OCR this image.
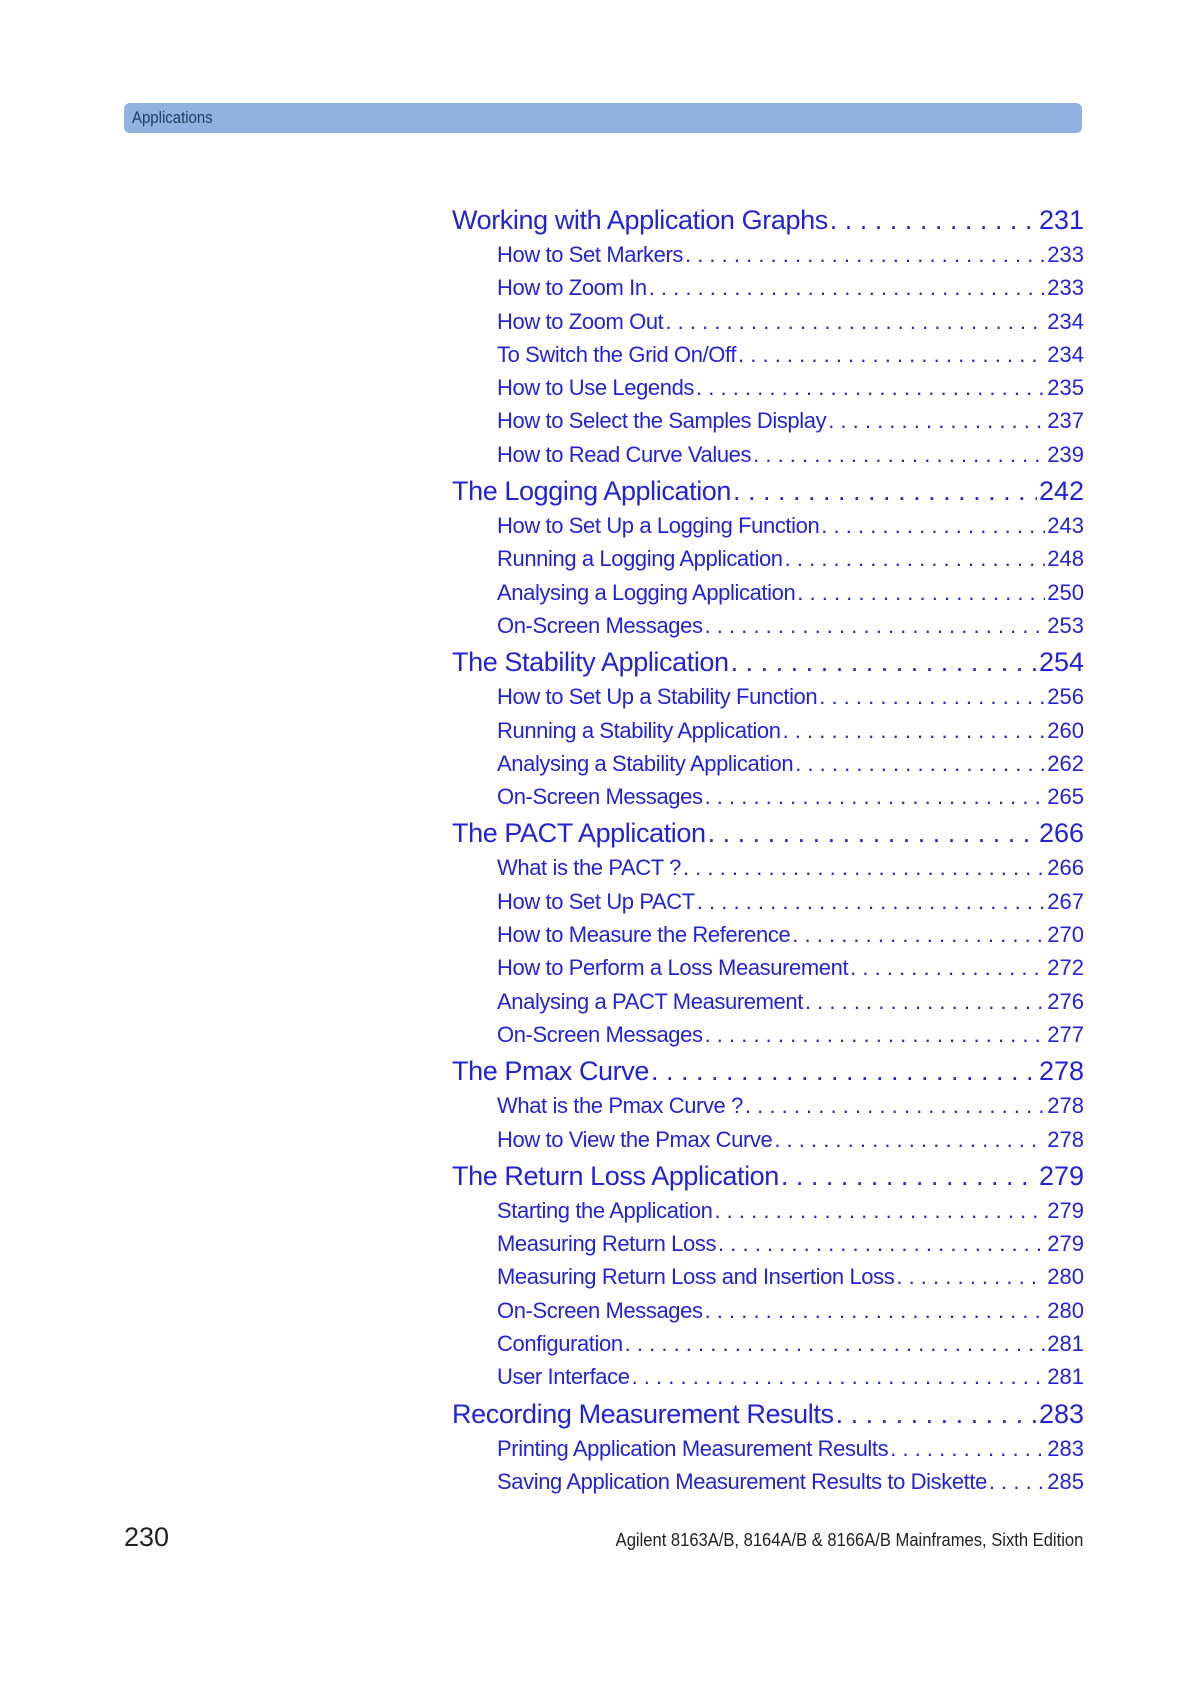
Applications
Working with Application Graphs . . .	231
How to Set Markers . . .	233
How to Zoom In . . .	233
How to Zoom Out . . .	234
To Switch the Grid On/Off . . .	234
How to Use Legends . . .	235
How to Select the Samples Display . . .	237
How to Read Curve Values . . .	239
The Logging Application . . .	242
How to Set Up a Logging Function . . .	243
Running a Logging Application . . .	248
Analysing a Logging Application . . .	250
On-Screen Messages . . .	253
The Stability Application . . .	254
How to Set Up a Stability Function . . .	256
Running a Stability Application . . .	260
Analysing a Stability Application . . .	262
On-Screen Messages . . .	265
The PACT Application . . .	266
What is the PACT ? . . .	266
How to Set Up PACT . . .	267
How to Measure the Reference . . .	270
How to Perform a Loss Measurement . . .	272
Analysing a PACT Measurement . . .	276
On-Screen Messages . . .	277
The Pmax Curve . . .	278
What is the Pmax Curve ? . . .	278
How to View the Pmax Curve . . .	278
The Return Loss Application . . .	279
Starting the Application . . .	279
Measuring Return Loss . . .	279
Measuring Return Loss and Insertion Loss . . .	280
On-Screen Messages . . .	280
Configuration . . .	281
User Interface . . .	281
Recording Measurement Results . . .	283
Printing Application Measurement Results . . .	283
Saving Application Measurement Results to Diskette . . .	285
230	Agilent 8163A/B, 8164A/B & 8166A/B Mainframes, Sixth Edition
